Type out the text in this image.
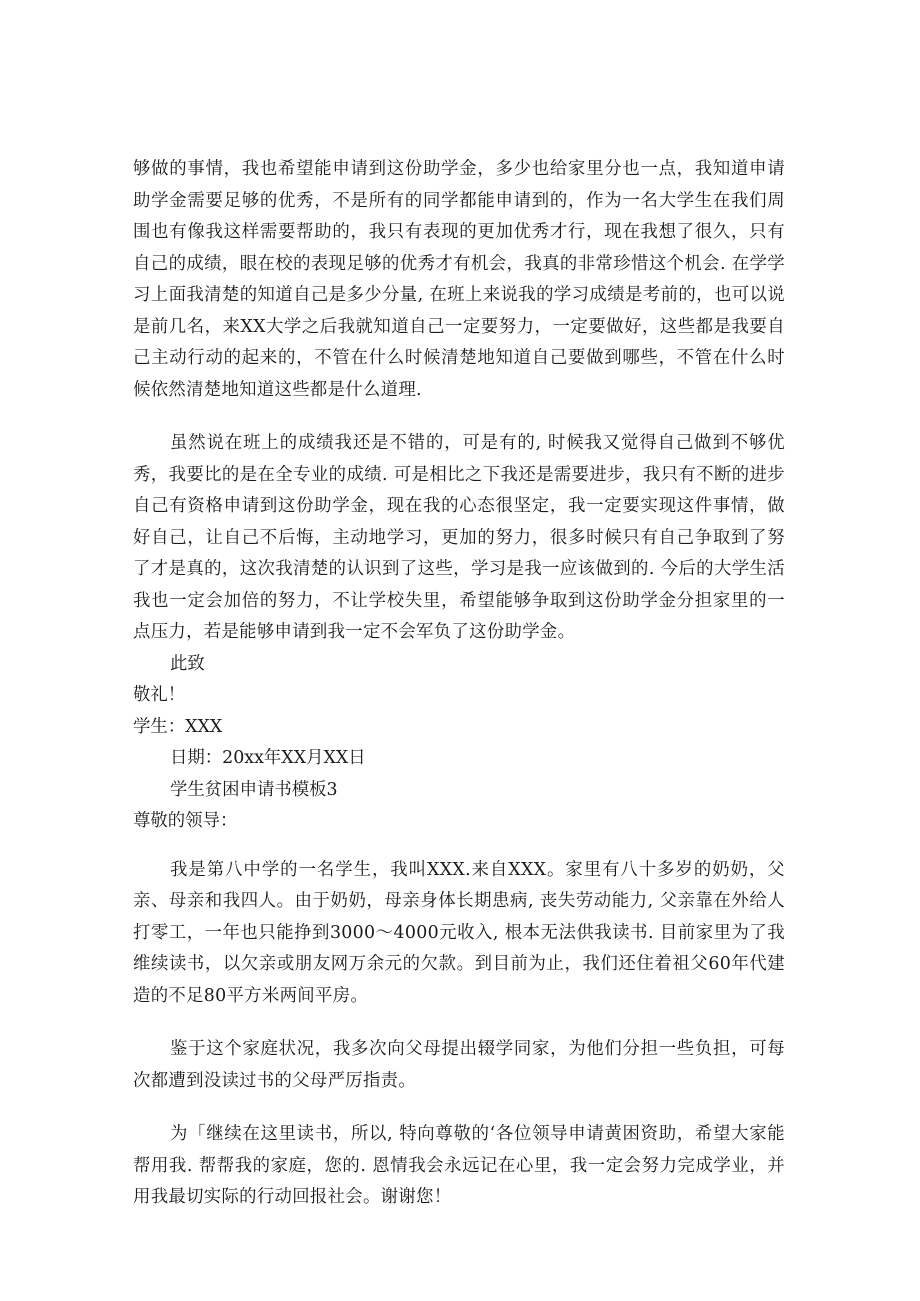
够做的事情，我也希望能申请到这份助学金，多少也给家里分也一点，我知道申请助学金需要足够的优秀，不是所有的同学都能申请到的，作为一名大学生在我们周围也有像我这样需要帮助的，我只有表现的更加优秀才行，现在我想了很久，只有自己的成绩，眼在校的表现足够的优秀才有机会，我真的非常珍惜这个机会. 在学学习上面我清楚的知道自己是多少分量, 在班上来说我的学习成绩是考前的，也可以说是前几名，来XX大学之后我就知道自己一定要努力，一定要做好，这些都是我要自己主动行动的起来的，不管在什么时候清楚地知道自己要做到哪些，不管在什么时候依然清楚地知道这些都是什么道理.

虽然说在班上的成绩我还是不错的，可是有的, 时候我又觉得自己做到不够优秀，我要比的是在全专业的成绩. 可是相比之下我还是需要进步，我只有不断的进步自己有资格申请到这份助学金，现在我的心态很坚定，我一定要实现这件事情，做好自己，让自己不后悔，主动地学习，更加的努力，很多时候只有自己争取到了努了才是真的，这次我清楚的认识到了这些，学习是我一应该做到的. 今后的大学生活我也一定会加倍的努力，不让学校失里，希望能够争取到这份助学金分担家里的一点压力，若是能够申请到我一定不会军负了这份助学金。

此致

敬礼！

学生：XXX

日期：20xx年XX月XX日

学生贫困申请书模板3

尊敬的领导：

我是第八中学的一名学生，我叫XXX.来自XXX。家里有八十多岁的奶奶，父亲、母亲和我四人。由于奶奶，母亲身体长期患病, 丧失劳动能力, 父亲靠在外给人打零工，一年也只能挣到3000～4000元收入, 根本无法供我读书. 目前家里为了我维续读书，以欠亲或朋友网万余元的欠款。到目前为止，我们还住着祖父60年代建造的不足80平方米两间平房。

鉴于这个家庭状况，我多次向父母提出辍学同家，为他们分担一些负担，可每次都遭到没读过书的父母严厉指责。

为「继续在这里读书，所以, 特向尊敬的‘各位领导申请黄困资助，希望大家能帮用我. 帮帮我的家庭，您的. 恩情我会永远记在心里，我一定会努力完成学业，并用我最切实际的行动回报社会。谢谢您！
